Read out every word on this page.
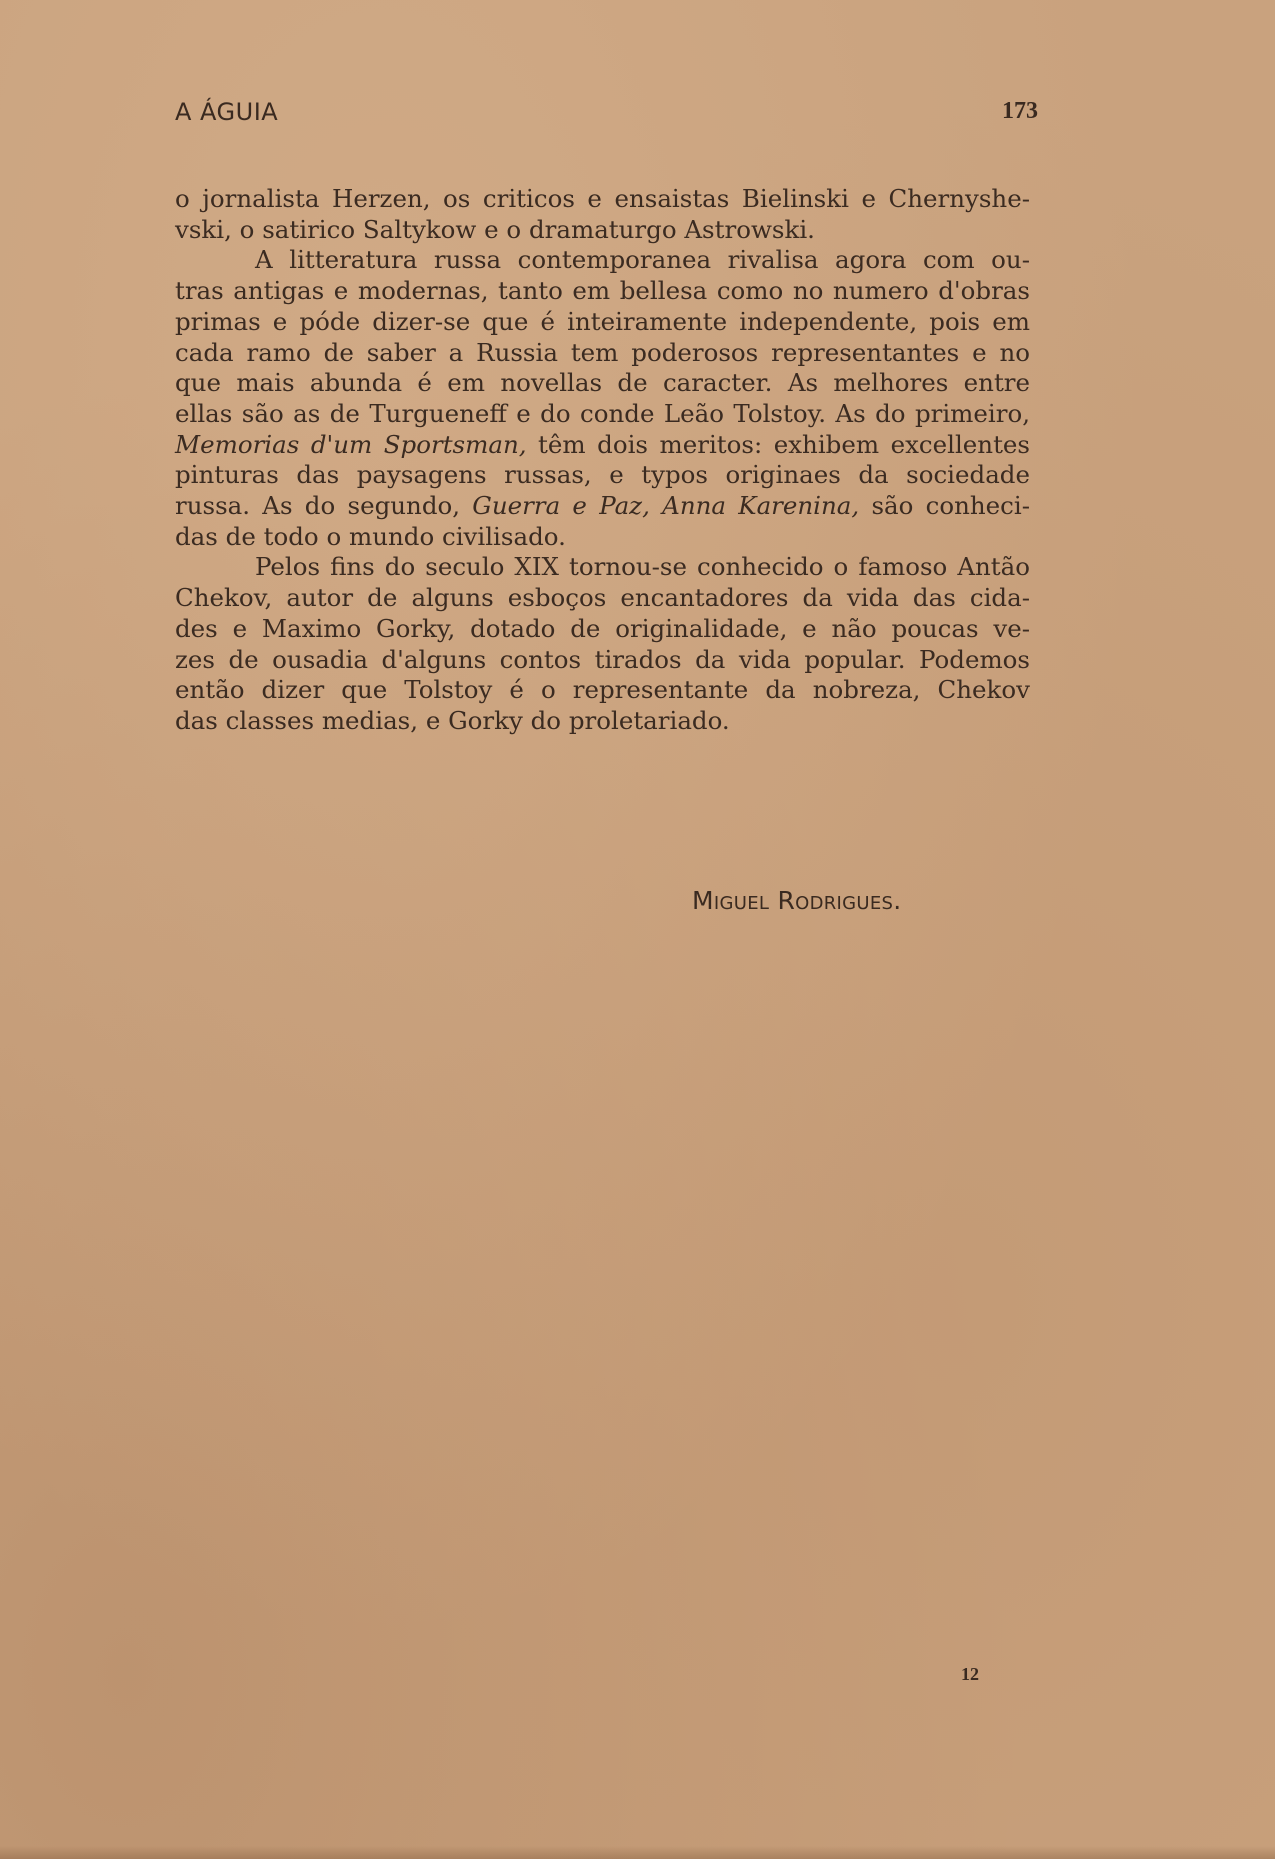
A ÁGUIA	173

o jornalista Herzen, os criticos e ensaistas Bielinski e Chernyshe-
vski, o satirico Saltykow e o dramaturgo Astrowski.

A litteratura russa contemporanea rivalisa agora com ou-
tras antigas e modernas, tanto em bellesa como no numero d'obras
primas e póde dizer-se que é inteiramente independente, pois em
cada ramo de saber a Russia tem poderosos representantes e no
que mais abunda é em novellas de caracter. As melhores entre
ellas são as de Turgueneff e do conde Leão Tolstoy. As do primeiro,
Memorias d'um Sportsman, têm dois meritos: exhibem excellentes
pinturas das paysagens russas, e typos originaes da sociedade
russa. As do segundo, Guerra e Paz, Anna Karenina, são conheci-
das de todo o mundo civilisado.

Pelos fins do seculo XIX tornou-se conhecido o famoso Antão
Chekov, autor de alguns esboços encantadores da vida das cida-
des e Maximo Gorky, dotado de originalidade, e não poucas ve-
zes de ousadia d'alguns contos tirados da vida popular. Podemos
então dizer que Tolstoy é o representante da nobreza, Chekov
das classes medias, e Gorky do proletariado.

Miguel Rodrigues.
12
